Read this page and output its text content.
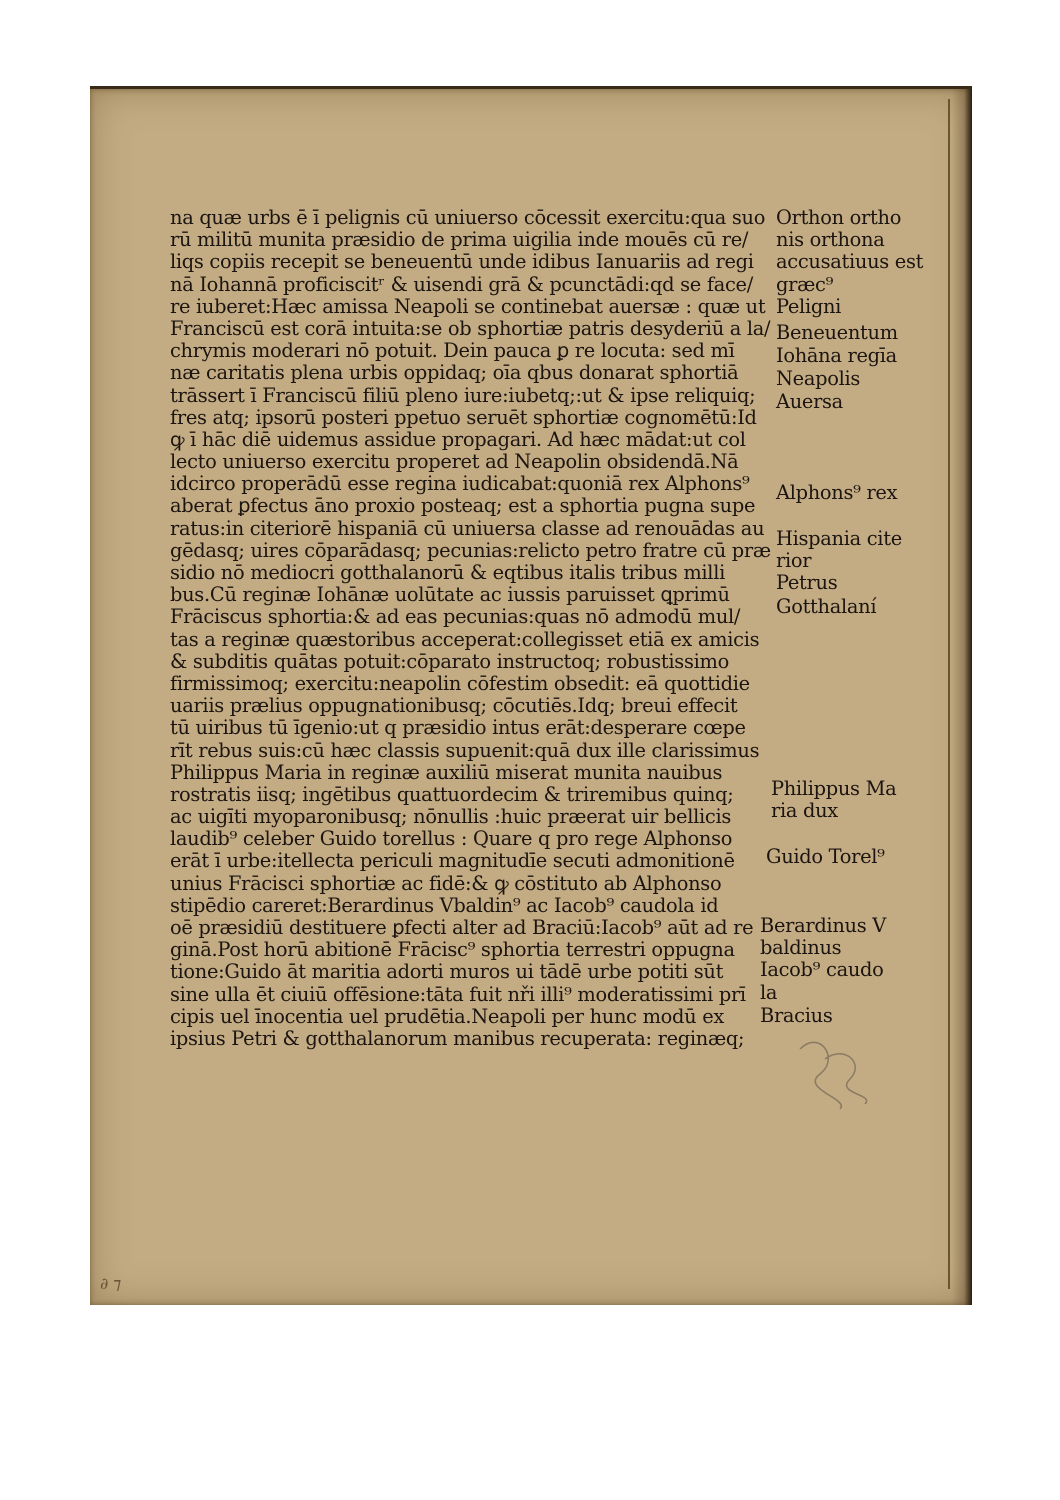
na quæ urbs ē ī pelignis cū uniuerso cōcessit exercitu:qua suo
rū militū munita præsidio de prima uigilia inde mouēs cū re/
liqs copiis recepit se beneuentū unde idibus Ianuariis ad regi
nā Iohannā proficiscitʳ & uisendi grā & pcunctādi:qd se face/
re iuberet:Hæc amissa Neapoli se continebat auersæ : quæ ut
Franciscū est corā intuita:se ob sphortiæ patris desyderiū a la/
chrymis moderari nō potuit. Dein pauca ꝑ re locuta: sed mī
næ caritatis plena urbis oppidaq; oīa qbus donarat sphortiā
trāssert ī Franciscū filiū pleno iure:iubetq;:ut & ipse reliquiq;
fres atq; ipsorū posteri ppetuo seruēt sphortiæ cognomētū:Id
ꝙ ī hāc diē uidemus assidue propagari. Ad hæc mādat:ut col
lecto uniuerso exercitu properet ad Neapolin obsidendā.Nā
idcirco properādū esse regina iudicabat:quoniā rex Alphons⁹
aberat ꝑfectus āno proxio posteaq; est a sphortia pugna supe
ratus:in citeriorē hispaniā cū uniuersa classe ad renouādas au
gēdasq; uires cōparādasq; pecunias:relicto petro fratre cū præ
sidio nō mediocri gotthalanorū & eqtibus italis tribus milli
bus.Cū reginæ Iohānæ uolūtate ac iussis paruisset ꝗprimū
Frāciscus sphortia:& ad eas pecunias:quas nō admodū mul/
tas a reginæ quæstoribus acceperat:collegisset etiā ex amicis
& subditis quātas potuit:cōparato instructoq; robustissimo
firmissimoq; exercitu:neapolin cōfestim obsedit: eā quottidie
uariis prælius oppugnationibusq; cōcutiēs.Idq; breui effecit
tū uiribus tū īgenio:ut q præsidio intus erāt:desperare cœpe
rīt rebus suis:cū hæc classis supuenit:quā dux ille clarissimus
Philippus Maria in reginæ auxiliū miserat munita nauibus
rostratis iisq; ingētibus quattuordecim & triremibus quinq;
ac uigīti myoparonibusq; nōnullis :huic præerat uir bellicis
laudib⁹ celeber Guido torellus : Quare q pro rege Alphonso
erāt ī urbe:itellecta periculi magnitudīe secuti admonitionē
unius Frācisci sphortiæ ac fidē:& ꝙ cōstituto ab Alphonso
stipēdio careret:Berardinus Vbaldin⁹ ac Iacob⁹ caudola id
oē præsidiū destituere ꝑfecti alter ad Braciū:Iacob⁹ aūt ad re
ginā.Post horū abitionē Frācisc⁹ sphortia terrestri oppugna
tione:Guido āt maritia adorti muros ui tādē urbe potiti sūt
sine ulla ēt ciuiū offēsione:tāta fuit nři illi⁹ moderatissimi prī
cipis uel īnocentia uel prudētia.Neapoli per hunc modū ex
ipsius Petri & gotthalanorum manibus recuperata: reginæq;
Orthon ortho
nis orthona
accusatiuus est
græc⁹
Peligni
Beneuentum
Iohāna regīa
Neapolis
Auersa
Alphons⁹ rex
Hispania cite
rior
Petrus
Gotthalaní
Philippus Ma
ria dux
Guido Torel⁹
Berardinus V
baldinus
Iacob⁹ caudo
la
Bracius
∂ ⁊
